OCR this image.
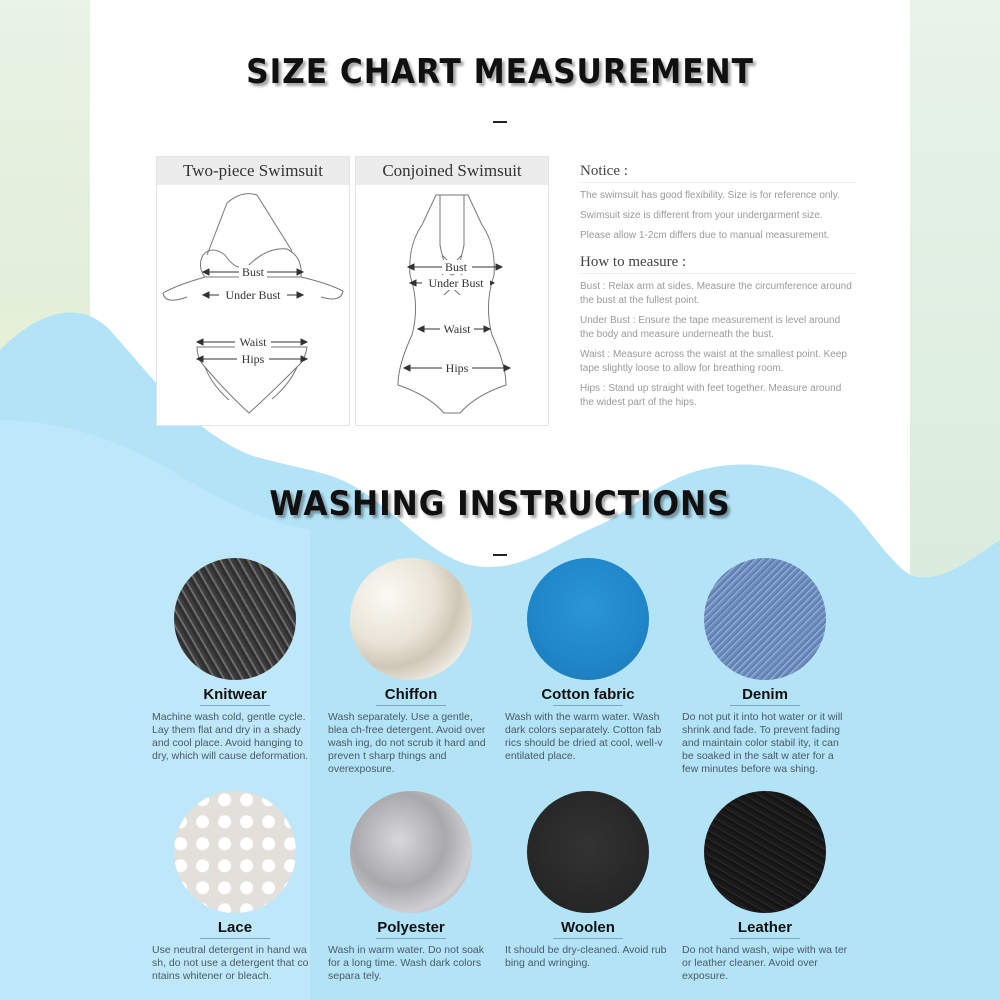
SIZE CHART MEASUREMENT
Two-piece Swimsuit
Bust
Under Bust
Waist
Hips
Conjoined Swimsuit
Bust
Under Bust
Waist
Hips
Notice :

The swimsuit has good flexibility. Size is for reference only.

Swimsuit size is different from your undergarment size.

Please allow 1-2cm differs due to manual measurement.

How to measure :

Bust : Relax arm at sides. Measure the circumference around the bust at the fullest point.

Under Bust : Ensure the tape measurement is level around the body and measure underneath the bust.

Waist : Measure across the waist at the smallest point. Keep tape slightly loose to allow for breathing room.

Hips : Stand up straight with feet together. Measure around the widest part of the hips.

WASHING INSTRUCTIONS
Knitwear
Machine wash cold, gentle cycle. Lay them flat and dry in a shady and cool place. Avoid hanging to dry, which will cause deformation.
Chiffon
Wash separately. Use a gentle, blea ch-free detergent. Avoid over wash ing, do not scrub it hard and preven t sharp things and overexposure.
Cotton fabric
Wash with the warm water. Wash dark colors separately. Cotton fab rics should be dried at cool, well-v entilated place.
Denim
Do not put it into hot water or it will shrink and fade. To prevent fading and maintain color stabil ity, it can be soaked in the salt w ater for a few minutes before wa shing.
Lace
Use neutral detergent in hand wa sh, do not use a detergent that co ntains whitener or bleach.
Polyester
Wash in warm water. Do not soak for a long time. Wash dark colors separa tely.
Woolen
It should be dry-cleaned. Avoid rub bing and wringing.
Leather
Do not hand wash, wipe with wa ter or leather cleaner. Avoid over exposure.
